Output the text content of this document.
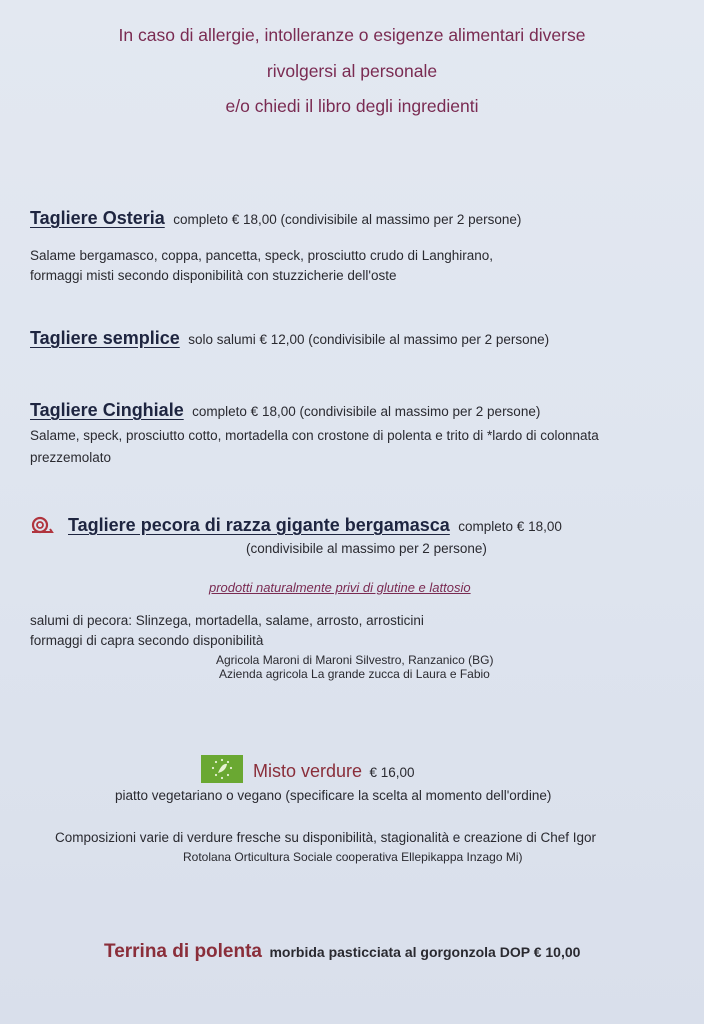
In caso di allergie, intolleranze o esigenze alimentari diverse
rivolgersi al personale
e/o chiedi il libro degli ingredienti
Tagliere Osteria completo € 18,00 (condivisibile al massimo per 2 persone)
Salame bergamasco, coppa, pancetta, speck, prosciutto crudo di Langhirano,
formaggi misti secondo disponibilità con stuzzicherie dell'oste
Tagliere semplice solo salumi € 12,00 (condivisibile al massimo per 2 persone)
Tagliere Cinghiale completo € 18,00 (condivisibile al massimo per 2 persone)
Salame, speck, prosciutto cotto, mortadella con crostone di polenta e trito di *lardo di colonnata
prezzemolato
Tagliere pecora di razza gigante bergamasca completo € 18,00
(condivisibile al massimo per 2 persone)
prodotti naturalmente privi di glutine e lattosio
salumi di pecora: Slinzega, mortadella, salame, arrosto, arrosticini
formaggi di capra secondo disponibilità
Agricola Maroni di Maroni Silvestro, Ranzanico (BG)
Azienda agricola La grande zucca di Laura e Fabio
Misto verdure € 16,00
piatto vegetariano o vegano (specificare la scelta al momento dell'ordine)
Composizioni varie di verdure fresche su disponibilità, stagionalità e creazione di Chef Igor
Rotolana Orticultura Sociale cooperativa Ellepikappa Inzago Mi)
Terrina di polenta morbida pasticciata al gorgonzola DOP € 10,00
